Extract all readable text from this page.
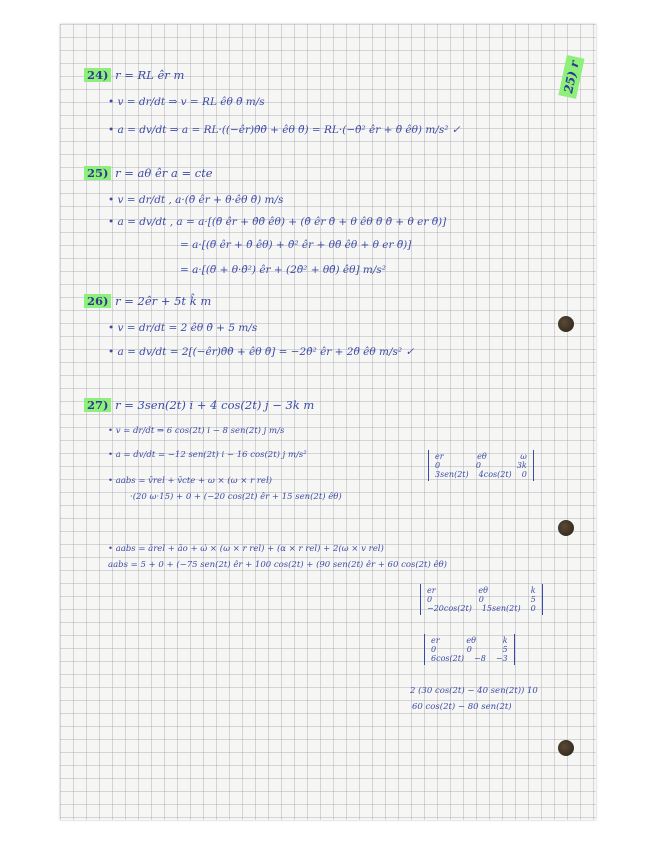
25) r
24) r = RL êr m
• v = dr/dt ⇒ v = RL êθ θ̇ m/s
• a = dv/dt ⇒ a = RL·((−êr)θ̇θ̇ + êθ θ̈) = RL·(−θ̇² êr + θ̈ êθ) m/s² ✓
25) r = aθ êr a = cte
• v = dr/dt , a·(θ̇ êr + θ·êθ θ̇) m/s
• a = dv/dt , a = a·[(θ̈ êr + θ̇θ̇ êθ) + (θ̇ êr θ̇ + θ êθ θ̈ θ̇ + θ er θ̈)]
= a·[(θ̈ êr + θ̇ êθ) + θ̇² êr + θθ̈ êθ + θ er θ̈)]
= a·[(θ̈ + θ·θ̇²) êr + (2θ̇² + θθ̈) êθ] m/s²
26) r = 2êr + 5t k̂ m
• v = dr/dt = 2 êθ θ̇ + 5 m/s
• a = dv/dt = 2[(−êr)θ̇θ̇ + êθ θ̈] = −2θ̇² êr + 2θ̈ êθ m/s² ✓
27) r = 3sen(2t) i + 4 cos(2t) j − 3k m
• v = dr/dt ⇒ 6 cos(2t) i − 8 sen(2t) j m/s
• a = dv/dt = −12 sen(2t) i − 16 cos(2t) j m/s²
• aabs = v̄rel + v̄cte + ω × (ω × r rel)
·(20 ω·15) + 0 + (−20 cos(2t) êr + 15 sen(2t) êθ)
er	eθ	ω
0	0	3k
3sen(2t) 4cos(2t) 0
• aabs = ārel + āo + ω̇ × (ω × r rel) + (α × r rel) + 2(ω × v rel)
aabs = 5 + 0 + (−75 sen(2t) êr + 100 cos(2t) + (90 sen(2t) êr + 60 cos(2t) êθ)
er	eθ	k
0	0	5
−20cos(2t) 15sen(2t) 0
er	eθ	k
0	0	5
6cos(2t) −8 −3
2 (30 cos(2t) − 40 sen(2t)) 10
60 cos(2t) − 80 sen(2t)
